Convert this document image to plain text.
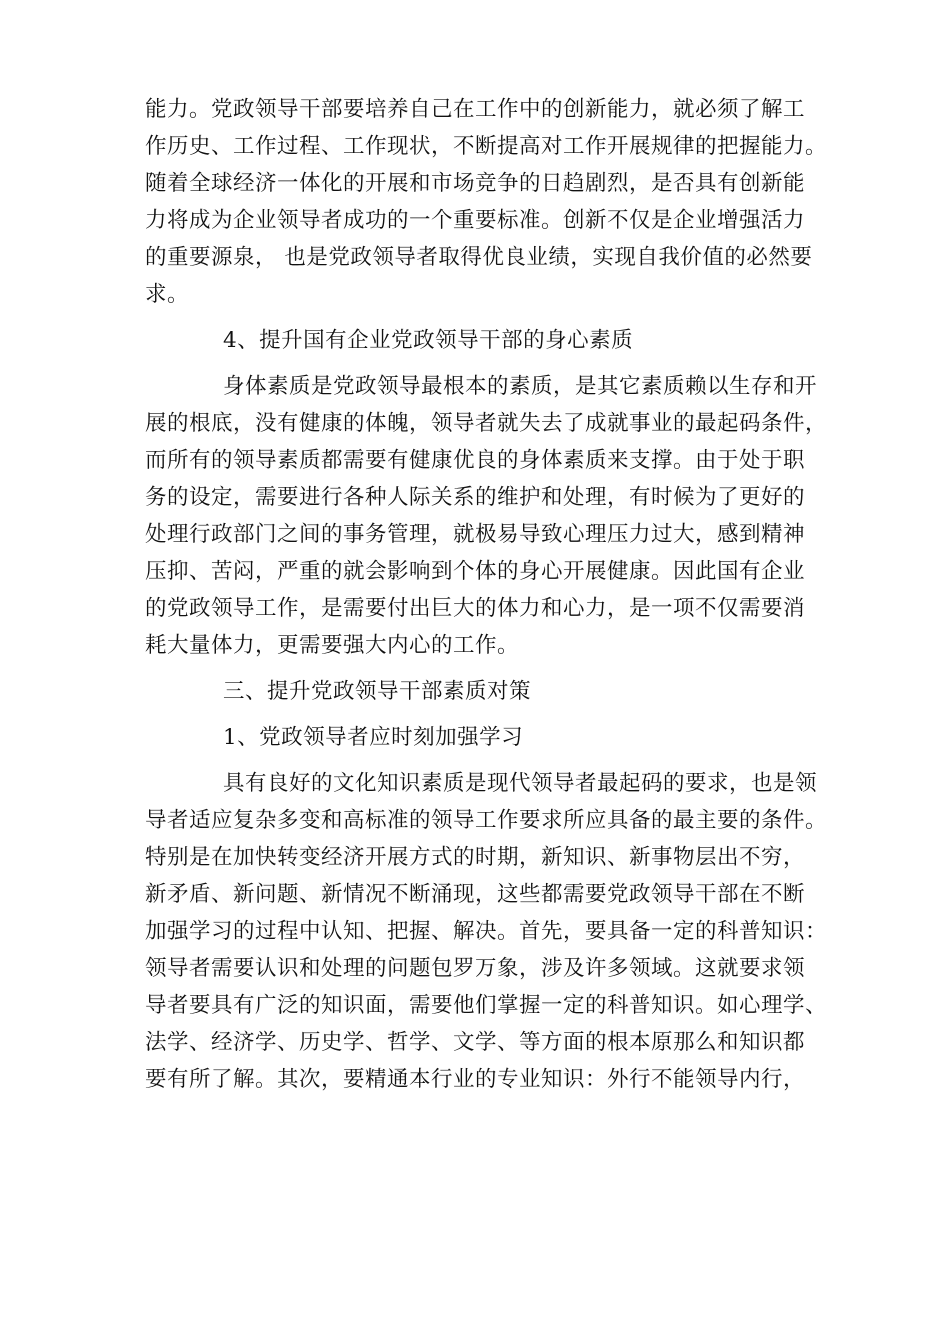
能力。党政领导干部要培养自己在工作中的创新能力，就必须了解工
作历史、工作过程、工作现状，不断提高对工作开展规律的把握能力。
随着全球经济一体化的开展和市场竞争的日趋剧烈，是否具有创新能
力将成为企业领导者成功的一个重要标准。创新不仅是企业增强活力
的重要源泉， 也是党政领导者取得优良业绩，实现自我价值的必然要
求。
4、提升国有企业党政领导干部的身心素质
身体素质是党政领导最根本的素质，是其它素质赖以生存和开
展的根底，没有健康的体魄，领导者就失去了成就事业的最起码条件，
而所有的领导素质都需要有健康优良的身体素质来支撑。由于处于职
务的设定，需要进行各种人际关系的维护和处理，有时候为了更好的
处理行政部门之间的事务管理，就极易导致心理压力过大，感到精神
压抑、苦闷，严重的就会影响到个体的身心开展健康。因此国有企业
的党政领导工作，是需要付出巨大的体力和心力，是一项不仅需要消
耗大量体力，更需要强大内心的工作。
三、提升党政领导干部素质对策
1、党政领导者应时刻加强学习
具有良好的文化知识素质是现代领导者最起码的要求，也是领
导者适应复杂多变和高标准的领导工作要求所应具备的最主要的条件。
特别是在加快转变经济开展方式的时期，新知识、新事物层出不穷，
新矛盾、新问题、新情况不断涌现，这些都需要党政领导干部在不断
加强学习的过程中认知、把握、解决。首先，要具备一定的科普知识：
领导者需要认识和处理的问题包罗万象，涉及许多领域。这就要求领
导者要具有广泛的知识面，需要他们掌握一定的科普知识。如心理学、
法学、经济学、历史学、哲学、文学、等方面的根本原那么和知识都
要有所了解。其次，要精通本行业的专业知识：外行不能领导内行，
